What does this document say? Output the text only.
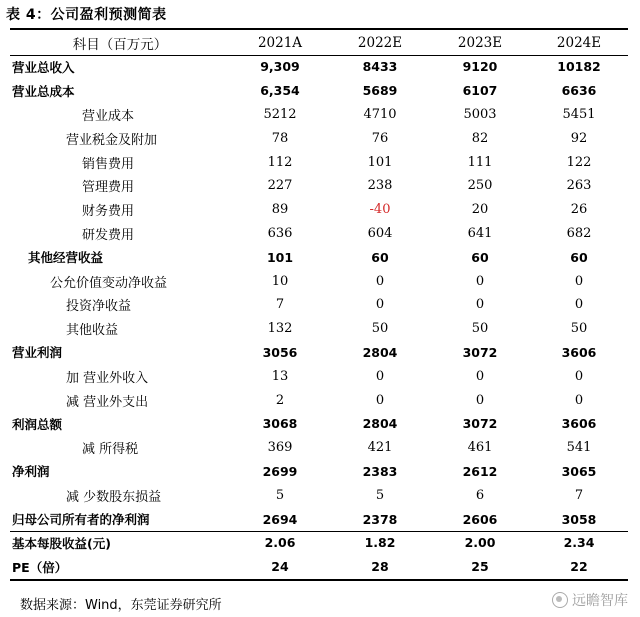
表 4：公司盈利预测简表
科目（百万元）	2021A	2022E	2023E	2024E
营业总收入	9,309	8433	9120	10182
营业总成本	6,354	5689	6107	6636
营业成本	5212	4710	5003	5451
营业税金及附加	78	76	82	92
销售费用	112	101	111	122
管理费用	227	238	250	263
财务费用	89	-40	20	26
研发费用	636	604	641	682
其他经营收益	101	60	60	60
公允价值变动净收益	10	0	0	0
投资净收益	7	0	0	0
其他收益	132	50	50	50
营业利润	3056	2804	3072	3606
加 营业外收入	13	0	0	0
减 营业外支出	2	0	0	0
利润总额	3068	2804	3072	3606
减 所得税	369	421	461	541
净利润	2699	2383	2612	3065
减 少数股东损益	5	5	6	7
归母公司所有者的净利润	2694	2378	2606	3058
基本每股收益(元)	2.06	1.82	2.00	2.34
PE（倍）	24	28	25	22
数据来源：Wind，东莞证券研究所	远瞻智库
